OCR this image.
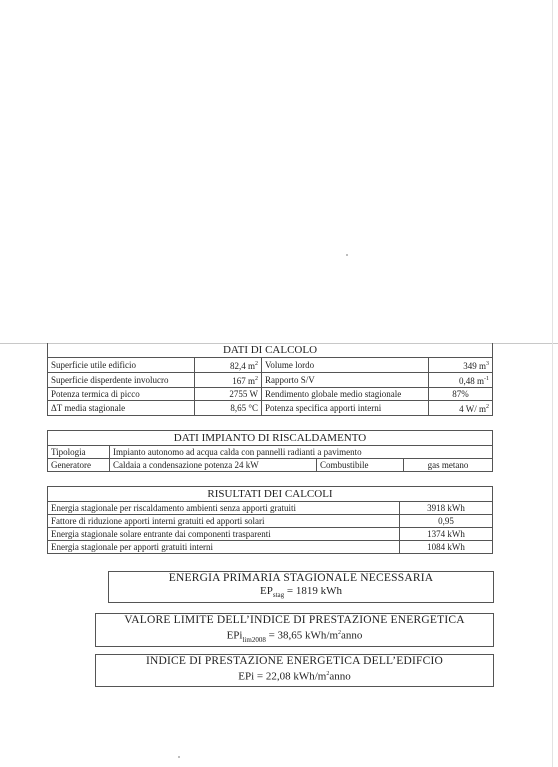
DATI DI CALCOLO			
Superficie utile edificio	82,4 $m^2$	Volume lordo	349 $m^3$
Superficie disperdente involucro	167 $m^2$	Rapporto S/V	0,48 $m^{-1}$
Potenza termica di picco	2755 W	Rendimento globale medio stagionale	87%
ΔT media stagionale	8,65 °C	Potenza specifica apporti interni	4 W/ $m^2$
DATI IMPIANTO DI RISCALDAMENTO			
Tipologia	Impianto autonomo ad acqua calda con pannelli radianti a pavimento		
Generatore	Caldaia a condensazione potenza 24 kW	Combustibile	gas metano
RISULTATI DEI CALCOLI	
Energia stagionale per riscaldamento ambienti senza apporti gratuiti	3918 kWh
Fattore di riduzione apporti interni gratuiti ed apporti solari	0,95
Energia stagionale solare entrante dai componenti trasparenti	1374 kWh
Energia stagionale per apporti gratuiti interni	1084 kWh
ENERGIA PRIMARIA STAGIONALE NECESSARIA
$EP_{stag} = 1819$ kWh
VALORE LIMITE DELL’INDICE DI PRESTAZIONE ENERGETICA
EPi$_{lim2008}$ = 38,65 kWh/$m^2anno$
INDICE DI PRESTAZIONE ENERGETICA DELL’EDIFCIO
EPi = 22,08 kWh/$m^2anno$
